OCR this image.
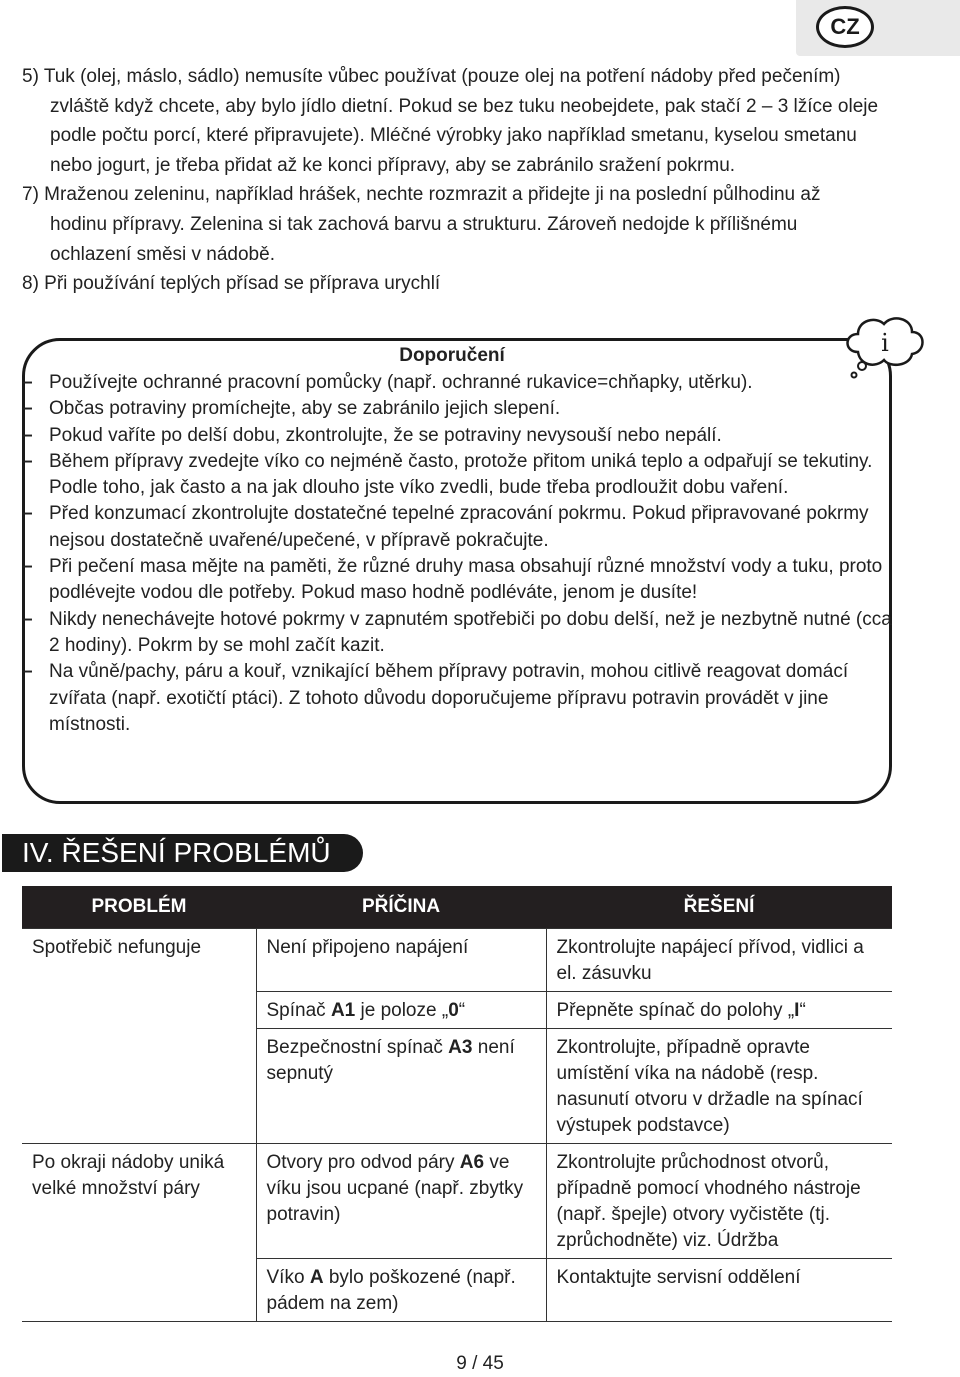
CZ
5) Tuk (olej, máslo, sádlo) nemusíte vůbec používat (pouze olej na potření nádoby před pečením) zvláště když chcete, aby bylo jídlo dietní. Pokud se bez tuku neobejdete, pak stačí 2 – 3 lžíce oleje podle počtu porcí, které připravujete). Mléčné výrobky jako například smetanu, kyselou smetanu nebo jogurt, je třeba přidat až ke konci přípravy, aby se zabránilo sražení pokrmu.
7) Mraženou zeleninu, například hrášek, nechte rozmrazit a přidejte ji na poslední půlhodinu až hodinu přípravy. Zelenina si tak zachová barvu a strukturu. Zároveň nedojde k přílišnému ochlazení směsi v nádobě.
8) Při používání teplých přísad se příprava urychlí
i
Doporučení
– Používejte ochranné pracovní pomůcky (např. ochranné rukavice=chňapky, utěrku).
– Občas potraviny promíchejte, aby se zabránilo jejich slepení.
– Pokud vaříte po delší dobu, zkontrolujte, že se potraviny nevysouší nebo nepálí.
– Během přípravy zvedejte víko co nejméně často, protože přitom uniká teplo a odpařují se tekutiny. Podle toho, jak často a na jak dlouho jste víko zvedli, bude třeba prodloužit dobu vaření.
– Před konzumací zkontrolujte dostatečné tepelné zpracování pokrmu. Pokud připravované pokrmy nejsou dostatečně uvařené/upečené, v přípravě pokračujte.
– Při pečení masa mějte na paměti, že různé druhy masa obsahují různé množství vody a tuku, proto podlévejte vodou dle potřeby. Pokud maso hodně podléváte, jenom je dusíte!
– Nikdy nenechávejte hotové pokrmy v zapnutém spotřebiči po dobu delší, než je nezbytně nutné (cca 2 hodiny). Pokrm by se mohl začít kazit.
– Na vůně/pachy, páru a kouř, vznikající během přípravy potravin, mohou citlivě reagovat domácí zvířata (např. exotičtí ptáci). Z tohoto důvodu doporučujeme přípravu potravin provádět v jine místnosti.
IV. ŘEŠENÍ PROBLÉMŮ
PROBLÉM	PŘÍČINA	ŘEŠENÍ
Spotřebič nefunguje	Není připojeno napájení	Zkontrolujte napájecí přívod, vidlici a el. zásuvku
	Spínač A1 je poloze „0“	Přepněte spínač do polohy „I“
	Bezpečnostní spínač A3 není sepnutý	Zkontrolujte, případně opravte umístění víka na nádobě (resp. nasunutí otvoru v držadle na spínací výstupek podstavce)
Po okraji nádoby uniká velké množství páry	Otvory pro odvod páry A6 ve víku jsou ucpané (např. zbytky potravin)	Zkontrolujte průchodnost otvorů, případně pomocí vhodného nástroje (např. špejle) otvory vyčistěte (tj. zprůchodněte) viz. Údržba
	Víko A bylo poškozené (např. pádem na zem)	Kontaktujte servisní oddělení
9 / 45
